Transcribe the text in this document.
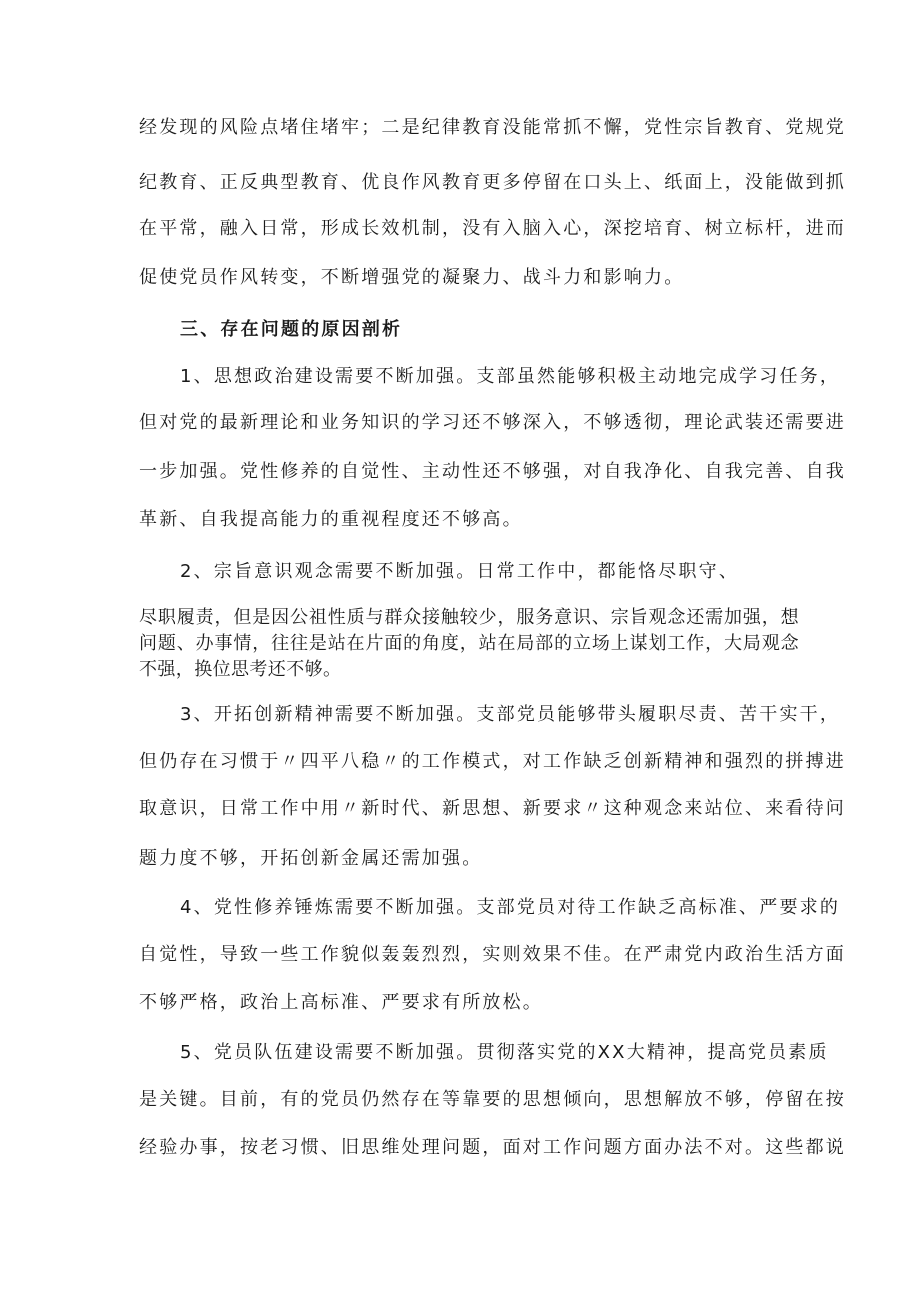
经发现的风险点堵住堵牢；二是纪律教育没能常抓不懈，党性宗旨教育、党规党
纪教育、正反典型教育、优良作风教育更多停留在口头上、纸面上，没能做到抓
在平常，融入日常，形成长效机制，没有入脑入心，深挖培育、树立标杆，进而
促使党员作风转变，不断增强党的凝聚力、战斗力和影响力。
三、存在问题的原因剖析
1、思想政治建设需要不断加强。支部虽然能够积极主动地完成学习任务，
但对党的最新理论和业务知识的学习还不够深入，不够透彻，理论武装还需要进
一步加强。党性修养的自觉性、主动性还不够强，对自我净化、自我完善、自我
革新、自我提高能力的重视程度还不够高。
2、宗旨意识观念需要不断加强。日常工作中，都能恪尽职守、
尽职履责，但是因公祖性质与群众接触较少，服务意识、宗旨观念还需加强，想
问题、办事情，往往是站在片面的角度，站在局部的立场上谋划工作，大局观念
不强，换位思考还不够。
3、开拓创新精神需要不断加强。支部党员能够带头履职尽责、苦干实干，
但仍存在习惯于〃四平八稳〃的工作模式，对工作缺乏创新精神和强烈的拼搏进
取意识，日常工作中用〃新时代、新思想、新要求〃这种观念来站位、来看待问
题力度不够，开拓创新金属还需加强。
4、党性修养锤炼需要不断加强。支部党员对待工作缺乏高标准、严要求的
自觉性，导致一些工作貌似轰轰烈烈，实则效果不佳。在严肃党内政治生活方面
不够严格，政治上高标准、严要求有所放松。
5、党员队伍建设需要不断加强。贯彻落实党的XX大精神，提高党员素质
是关键。目前，有的党员仍然存在等靠要的思想倾向，思想解放不够，停留在按
经验办事，按老习惯、旧思维处理问题，面对工作问题方面办法不对。这些都说
